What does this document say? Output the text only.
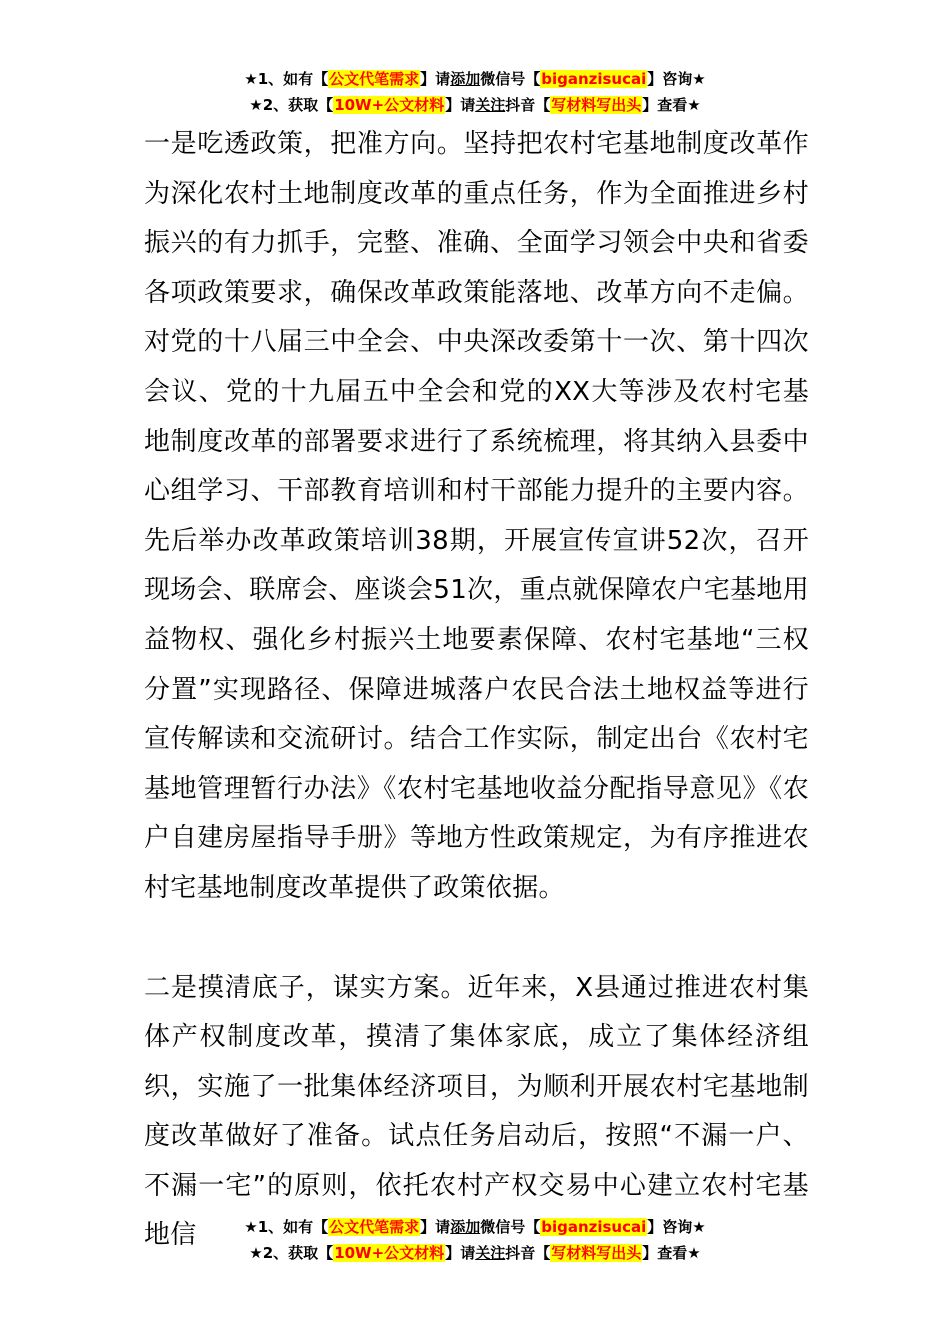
★1、如有【公文代笔需求】请添加微信号【biganzisucai】咨询★
★2、获取【10W+公文材料】请关注抖音【写材料写出头】查看★

一是吃透政策，把准方向。坚持把农村宅基地制度改革作为深化农村土地制度改革的重点任务，作为全面推进乡村振兴的有力抓手，完整、准确、全面学习领会中央和省委各项政策要求，确保改革政策能落地、改革方向不走偏。对党的十八届三中全会、中央深改委第十一次、第十四次会议、党的十九届五中全会和党的XX大等涉及农村宅基地制度改革的部署要求进行了系统梳理，将其纳入县委中心组学习、干部教育培训和村干部能力提升的主要内容。先后举办改革政策培训38期，开展宣传宣讲52次，召开现场会、联席会、座谈会51次，重点就保障农户宅基地用益物权、强化乡村振兴土地要素保障、农村宅基地“三权分置”实现路径、保障进城落户农民合法土地权益等进行宣传解读和交流研讨。结合工作实际，制定出台《农村宅基地管理暂行办法》《农村宅基地收益分配指导意见》《农户自建房屋指导手册》等地方性政策规定，为有序推进农村宅基地制度改革提供了政策依据。

二是摸清底子，谋实方案。近年来，X县通过推进农村集体产权制度改革，摸清了集体家底，成立了集体经济组织，实施了一批集体经济项目，为顺利开展农村宅基地制度改革做好了准备。试点任务启动后，按照“不漏一户、不漏一宅”的原则，依托农村产权交易中心建立农村宅基地信	★1、如有【公文代笔需求】请添加微信号【biganzisucai】咨询★
★2、获取【10W+公文材料】请关注抖音【写材料写出头】查看★
